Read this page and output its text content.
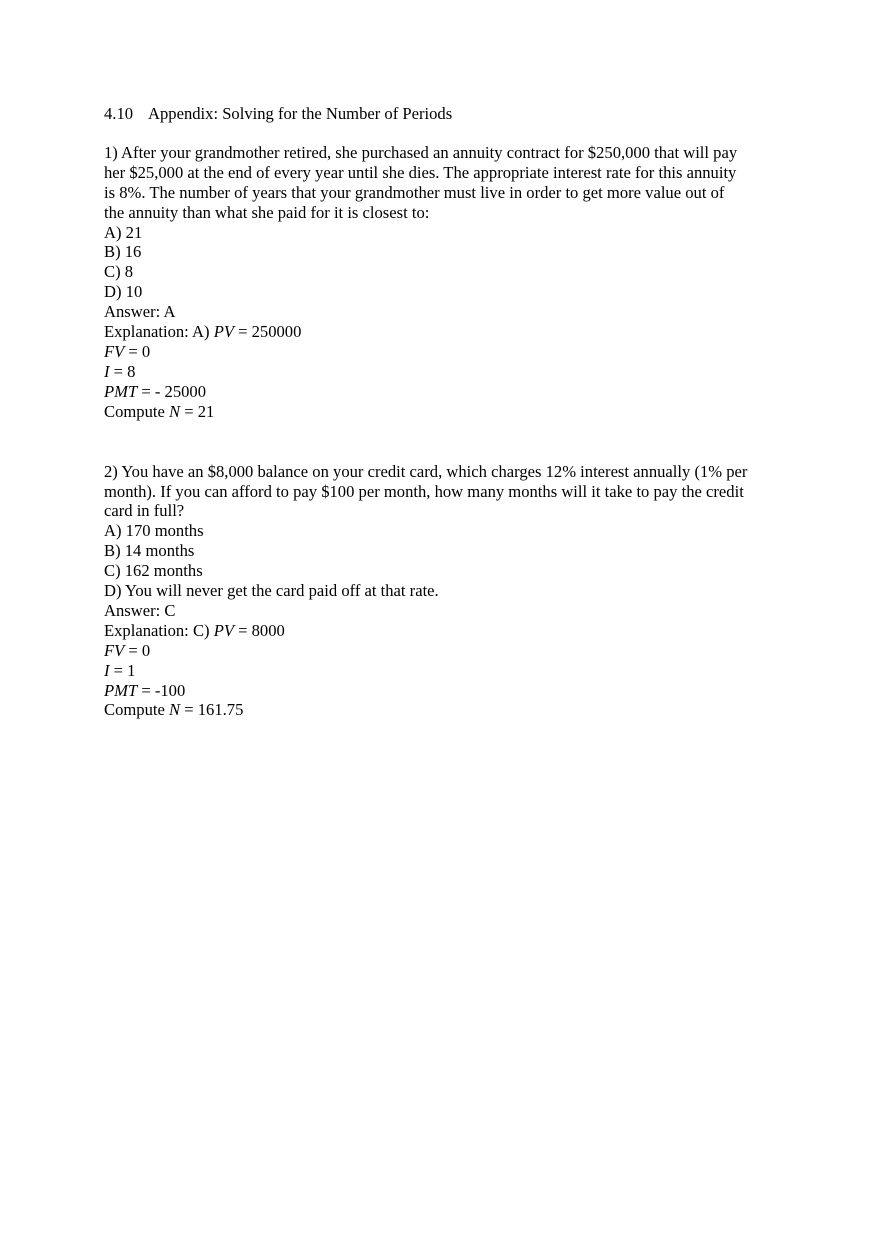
4.10 Appendix: Solving for the Number of Periods
1) After your grandmother retired, she purchased an annuity contract for $250,000 that will pay
her $25,000 at the end of every year until she dies. The appropriate interest rate for this annuity
is 8%. The number of years that your grandmother must live in order to get more value out of
the annuity than what she paid for it is closest to:
A) 21
B) 16
C) 8
D) 10
Answer: A
Explanation: A) PV = 250000
FV = 0
I = 8
PMT = - 25000
Compute N = 21
2) You have an $8,000 balance on your credit card, which charges 12% interest annually (1% per
month). If you can afford to pay $100 per month, how many months will it take to pay the credit
card in full?
A) 170 months
B) 14 months
C) 162 months
D) You will never get the card paid off at that rate.
Answer: C
Explanation: C) PV = 8000
FV = 0
I = 1
PMT = -100
Compute N = 161.75
